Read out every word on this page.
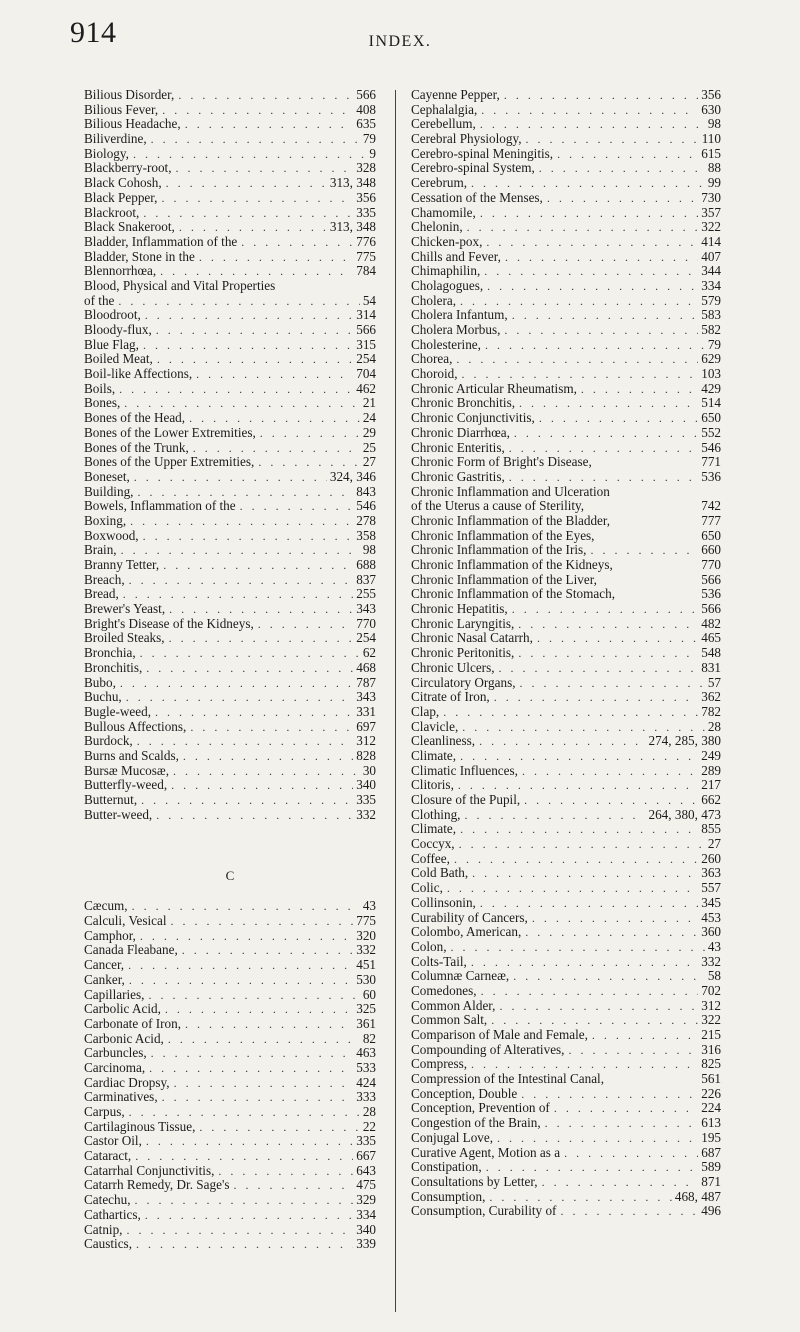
914	INDEX.
Bilious Disorder, . . .	566
Bilious Fever, . . .	408
Bilious Headache, . . .	635
Biliverdine, . . .	79
Biology, . . .	9
Blackberry-root, . . .	328
Black Cohosh, . . .	313, 348
Black Pepper, . . .	356
Blackroot, . . .	335
Black Snakeroot, . . .	313, 348
Bladder, Inflammation of the . . .	776
Bladder, Stone in the . . .	775
Blennorrhœa, . . .	784
Blood, Physical and Vital Properties
of the . . .	54
Bloodroot, . . .	314
Bloody-flux, . . .	566
Blue Flag, . . .	315
Boiled Meat, . . .	254
Boil-like Affections, . . .	704
Boils, . . .	462
Bones, . . .	21
Bones of the Head, . . .	24
Bones of the Lower Extremities, . . .	29
Bones of the Trunk, . . .	25
Bones of the Upper Extremities, . . .	27
Boneset, . . .	324, 346
Building, . . .	843
Bowels, Inflammation of the . . .	546
Boxing, . . .	278
Boxwood, . . .	358
Brain, . . .	98
Branny Tetter, . . .	688
Breach, . . .	837
Bread, . . .	255
Brewer's Yeast, . . .	343
Bright's Disease of the Kidneys, . . .	770
Broiled Steaks, . . .	254
Bronchia, . . .	62
Bronchitis, . . .	468
Bubo, . . .	787
Buchu, . . .	343
Bugle-weed, . . .	331
Bullous Affections, . . .	697
Burdock, . . .	312
Burns and Scalds, . . .	828
Bursæ Mucosæ, . . .	30
Butterfly-weed, . . .	340
Butternut, . . .	335
Butter-weed, . . .	332
C
Cæcum, . . .	43
Calculi, Vesical . . .	775
Camphor, . . .	320
Canada Fleabane, . . .	332
Cancer, . . .	451
Canker, . . .	530
Capillaries, . . .	60
Carbolic Acid, . . .	325
Carbonate of Iron, . . .	361
Carbonic Acid, . . .	82
Carbuncles, . . .	463
Carcinoma, . . .	533
Cardiac Dropsy, . . .	424
Carminatives, . . .	333
Carpus, . . .	28
Cartilaginous Tissue, . . .	22
Castor Oil, . . .	335
Cataract, . . .	667
Catarrhal Conjunctivitis, . . .	643
Catarrh Remedy, Dr. Sage's . . .	475
Catechu, . . .	329
Cathartics, . . .	334
Catnip, . . .	340
Caustics, . . .	339
Cayenne Pepper, . . .	356
Cephalalgia, . . .	630
Cerebellum, . . .	98
Cerebral Physiology, . . .	110
Cerebro-spinal Meningitis, . . .	615
Cerebro-spinal System, . . .	88
Cerebrum, . . .	99
Cessation of the Menses, . . .	730
Chamomile, . . .	357
Chelonin, . . .	322
Chicken-pox, . . .	414
Chills and Fever, . . .	407
Chimaphilin, . . .	344
Cholagogues, . . .	334
Cholera, . . .	579
Cholera Infantum, . . .	583
Cholera Morbus, . . .	582
Cholesterine, . . .	79
Chorea, . . .	629
Choroid, . . .	103
Chronic Articular Rheumatism, . . .	429
Chronic Bronchitis, . . .	514
Chronic Conjunctivitis, . . .	650
Chronic Diarrhœa, . . .	552
Chronic Enteritis, . . .	546
Chronic Form of Bright's Disease,	771
Chronic Gastritis, . . .	536
Chronic Inflammation and Ulceration
of the Uterus a cause of Sterility,	742
Chronic Inflammation of the Bladder,	777
Chronic Inflammation of the Eyes,	650
Chronic Inflammation of the Iris, . . .	660
Chronic Inflammation of the Kidneys,	770
Chronic Inflammation of the Liver,	566
Chronic Inflammation of the Stomach,	536
Chronic Hepatitis, . . .	566
Chronic Laryngitis, . . .	482
Chronic Nasal Catarrh, . . .	465
Chronic Peritonitis, . . .	548
Chronic Ulcers, . . .	831
Circulatory Organs, . . .	57
Citrate of Iron, . . .	362
Clap, . . .	782
Clavicle, . . .	28
Cleanliness, . . .	274, 285, 380
Climate, . . .	249
Climatic Influences, . . .	289
Clitoris, . . .	217
Closure of the Pupil, . . .	662
Clothing, . . .	264, 380, 473
Climate, . . .	855
Coccyx, . . .	27
Coffee, . . .	260
Cold Bath, . . .	363
Colic, . . .	557
Collinsonin, . . .	345
Curability of Cancers, . . .	453
Colombo, American, . . .	360
Colon, . . .	43
Colts-Tail, . . .	332
Columnæ Carneæ, . . .	58
Comedones, . . .	702
Common Alder, . . .	312
Common Salt, . . .	322
Comparison of Male and Female, . . .	215
Compounding of Alteratives, . . .	316
Compress, . . .	825
Compression of the Intestinal Canal,	561
Conception, Double . . .	226
Conception, Prevention of . . .	224
Congestion of the Brain, . . .	613
Conjugal Love, . . .	195
Curative Agent, Motion as a . . .	687
Constipation, . . .	589
Consultations by Letter, . . .	871
Consumption, . . .	468, 487
Consumption, Curability of . . .	496
